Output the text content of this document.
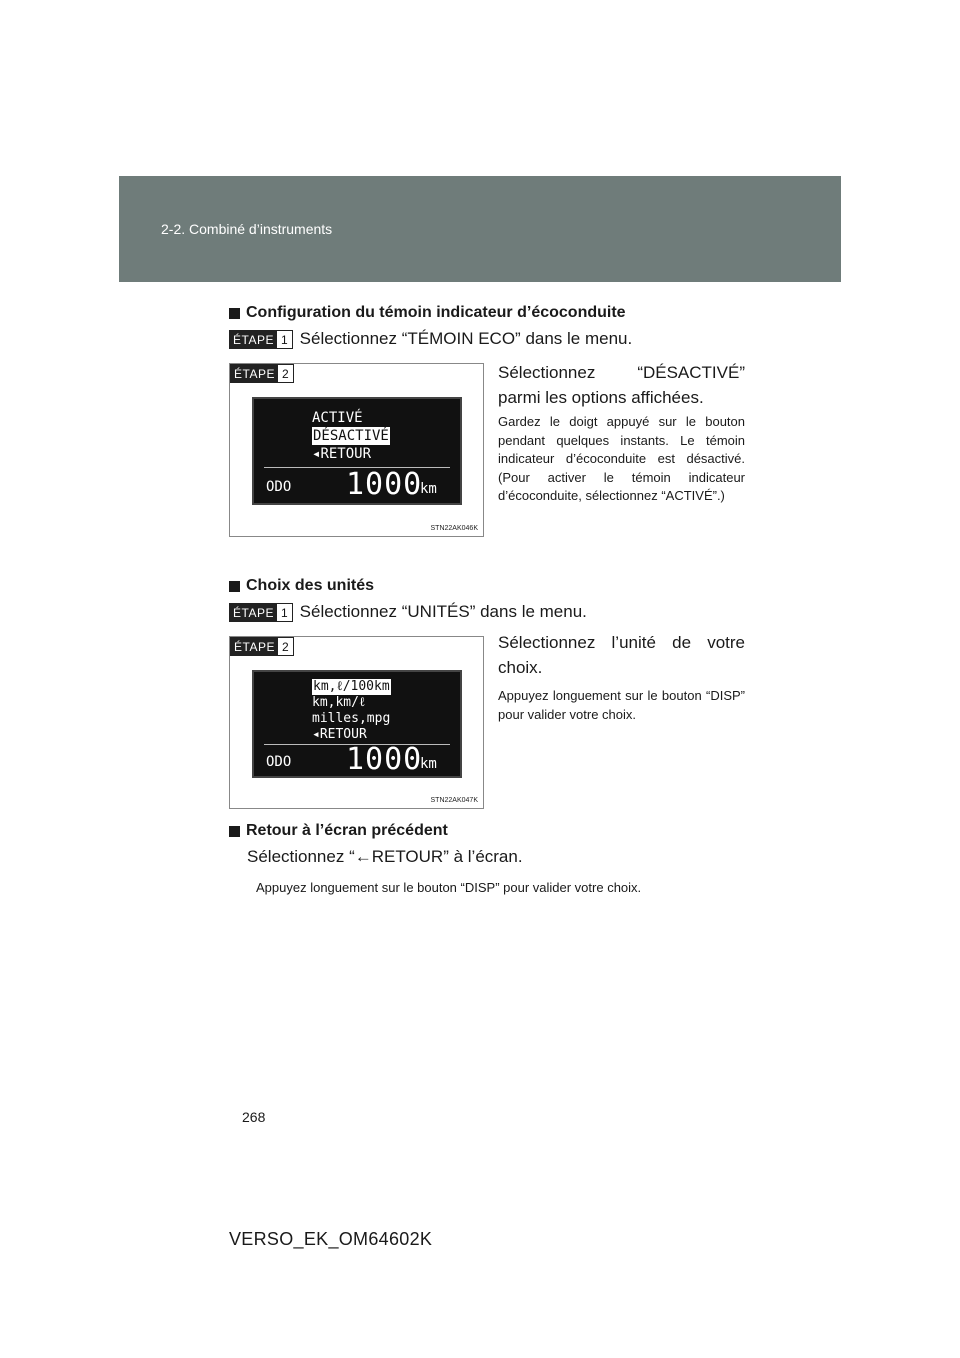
2-2. Combiné d’instruments
Configuration du témoin indicateur d’écoconduite
ÉTAPE 1 Sélectionnez “TÉMOIN ECO” dans le menu.
ÉTAPE 2
ACTIVÉ
DÉSACTIVÉ
◂RETOUR
ODO 1000
km
STN22AK046K
Sélectionnez “DÉSACTIVÉ” parmi les options affichées.
Gardez le doigt appuyé sur le bouton pendant quelques instants. Le témoin indicateur d’écoconduite est désactivé. (Pour activer le témoin indicateur d’écoconduite, sélectionnez “ACTIVÉ”.)
Choix des unités
ÉTAPE 1 Sélectionnez “UNITÉS” dans le menu.
ÉTAPE 2
km,ℓ/100km
km,km/ℓ
milles,mpg
◂RETOUR
ODO 1000
km
STN22AK047K
Sélectionnez l’unité de votre choix.
Appuyez longuement sur le bouton “DISP” pour valider votre choix.
Retour à l’écran précédent
Sélectionnez “←RETOUR” à l’écran.
Appuyez longuement sur le bouton “DISP” pour valider votre choix.
268
VERSO_EK_OM64602K
